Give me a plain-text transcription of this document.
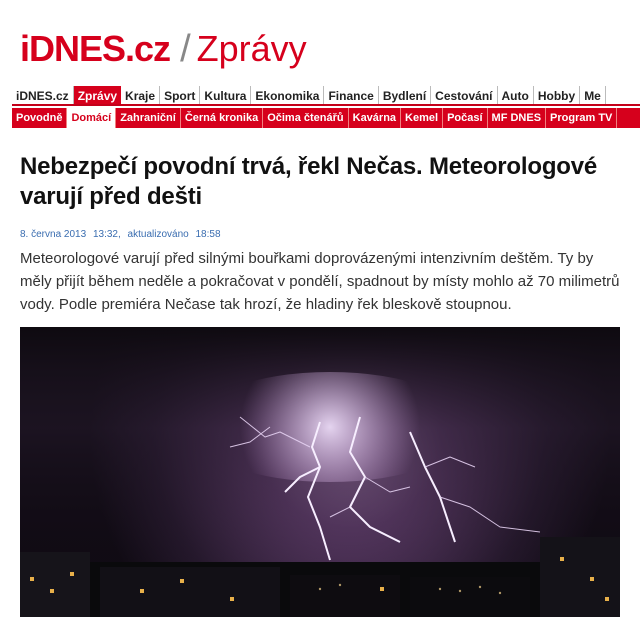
iDNES.cz / Zprávy
iDNES.cz Zprávy Kraje Sport Kultura Ekonomika Finance Bydlení Cestování Auto Hobby Me
Povodně Domácí Zahraniční Černá kronika Očima čtenářů Kavárna Kemel Počasí MF DNES Program TV
Nebezpečí povodní trvá, řekl Nečas. Meteorologové varují před dešti
8. června 2013 13:32, aktualizováno 18:58

Meteorologové varují před silnými bouřkami doprovázenými intenzivním deštěm. Ty by měly přijít během neděle a pokračovat v pondělí, spadnout by místy mohlo až 70 milimetrů vody. Podle premiéra Nečase tak hrozí, že hladiny řek bleskově stoupnou.
